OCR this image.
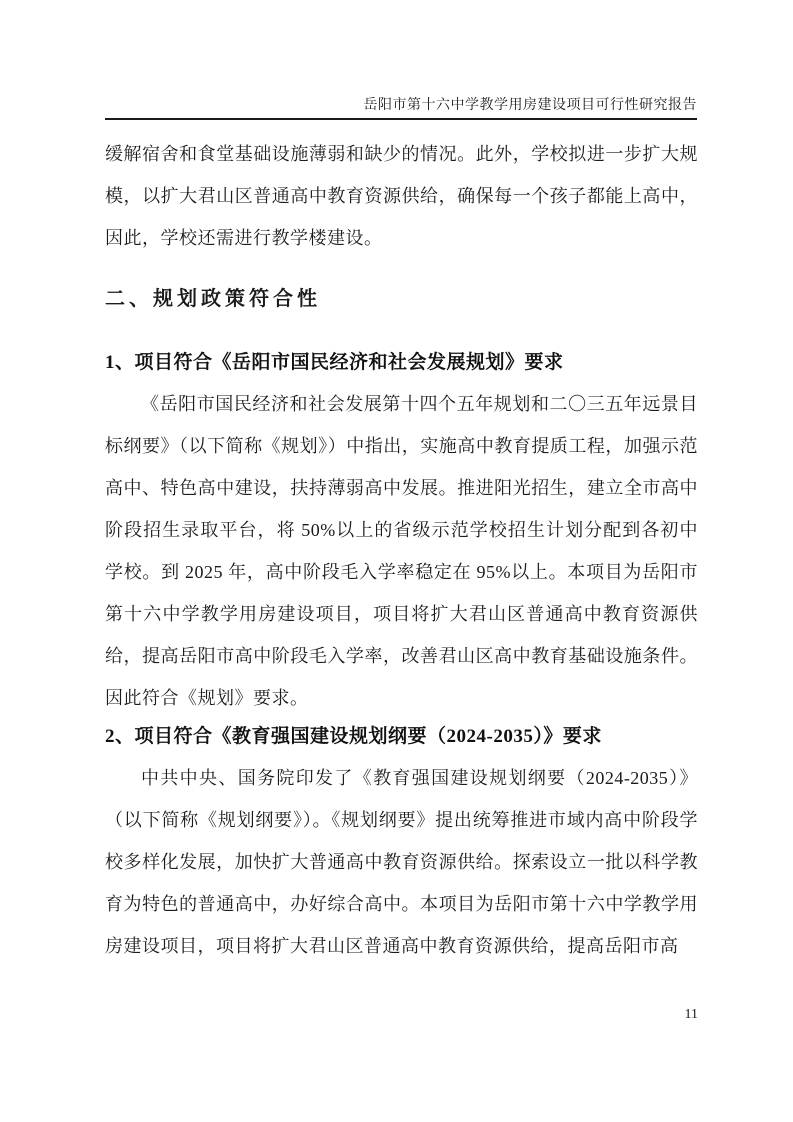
岳阳市第十六中学教学用房建设项目可行性研究报告

缓解宿舍和食堂基础设施薄弱和缺少的情况。此外，学校拟进一步扩大规模，以扩大君山区普通高中教育资源供给，确保每一个孩子都能上高中，因此，学校还需进行教学楼建设。

二、规划政策符合性
1、项目符合《岳阳市国民经济和社会发展规划》要求

《岳阳市国民经济和社会发展第十四个五年规划和二〇三五年远景目标纲要》（以下简称《规划》）中指出，实施高中教育提质工程，加强示范高中、特色高中建设，扶持薄弱高中发展。推进阳光招生，建立全市高中阶段招生录取平台，将 50%以上的省级示范学校招生计划分配到各初中学校。到 2025 年，高中阶段毛入学率稳定在 95%以上。本项目为岳阳市第十六中学教学用房建设项目，项目将扩大君山区普通高中教育资源供给，提高岳阳市高中阶段毛入学率，改善君山区高中教育基础设施条件。因此符合《规划》要求。

2、项目符合《教育强国建设规划纲要（2024-2035）》要求

中共中央、国务院印发了《教育强国建设规划纲要（2024-2035）》（以下简称《规划纲要》）。《规划纲要》提出统筹推进市域内高中阶段学校多样化发展，加快扩大普通高中教育资源供给。探索设立一批以科学教育为特色的普通高中，办好综合高中。本项目为岳阳市第十六中学教学用房建设项目，项目将扩大君山区普通高中教育资源供给，提高岳阳市高

11
